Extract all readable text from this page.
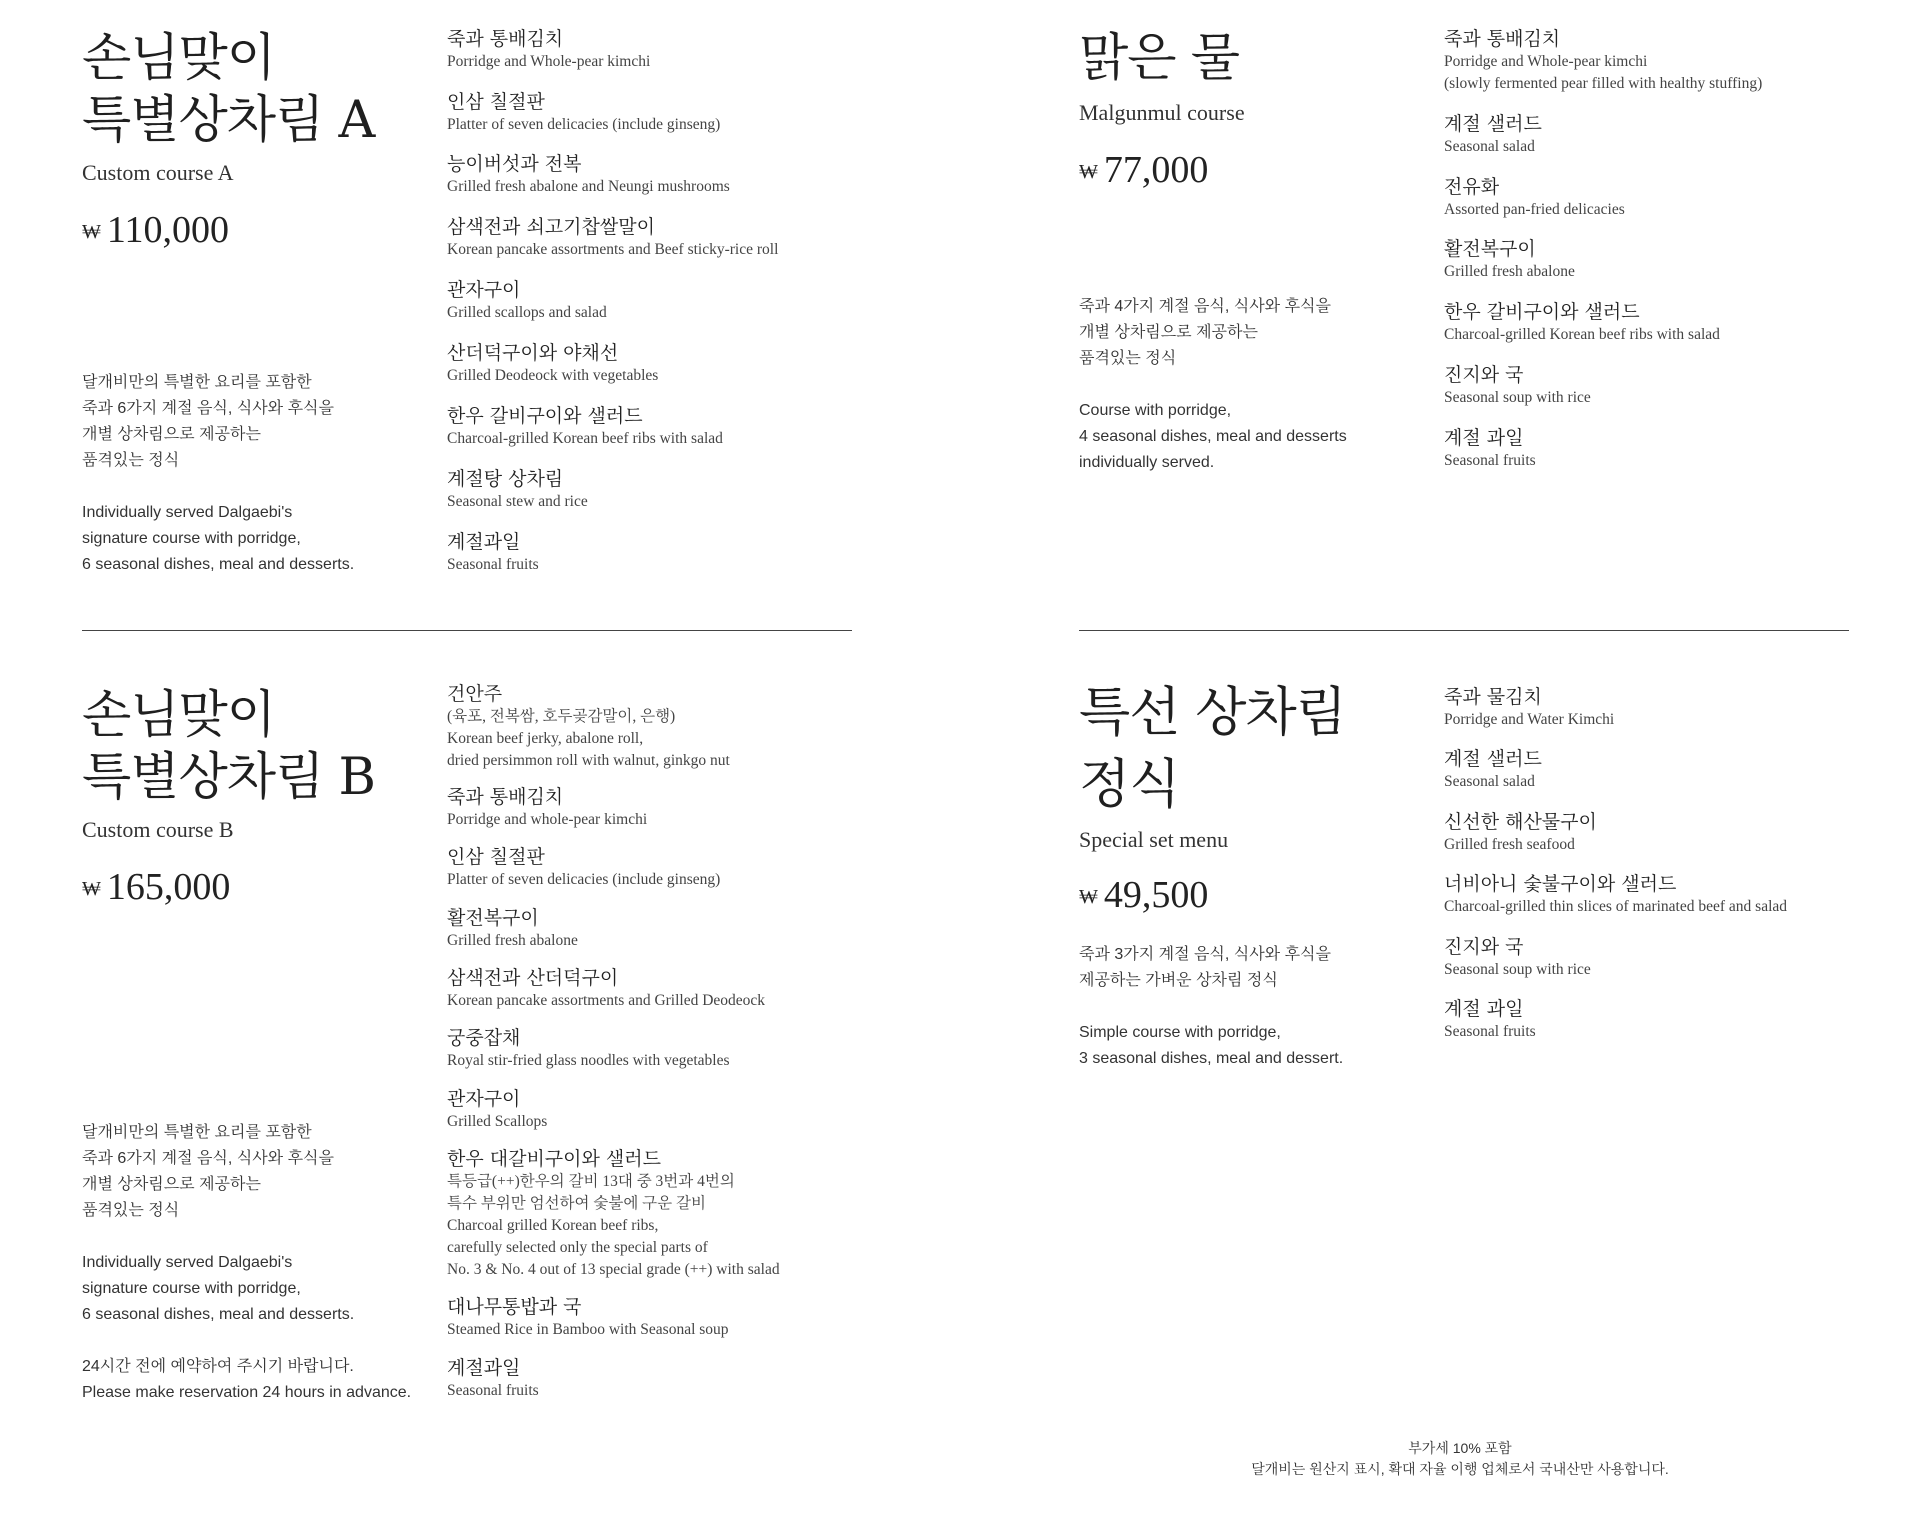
손님맞이
특별상차림 A
Custom course A
₩ 110,000

달개비만의 특별한 요리를 포함한
죽과 6가지 계절 음식, 식사와 후식을
개별 상차림으로 제공하는
품격있는 정식

Individually served Dalgaebi's
signature course with porridge,
6 seasonal dishes, meal and desserts.

죽과 통배김치
Porridge and Whole-pear kimchi
인삼 칠절판
Platter of seven delicacies (include ginseng)
능이버섯과 전복
Grilled fresh abalone and Neungi mushrooms
삼색전과 쇠고기찹쌀말이
Korean pancake assortments and Beef sticky-rice roll
관자구이
Grilled scallops and salad
산더덕구이와 야채선
Grilled Deodeock with vegetables
한우 갈비구이와 샐러드
Charcoal-grilled Korean beef ribs with salad
계절탕 상차림
Seasonal stew and rice
계절과일
Seasonal fruits
맑은 물
Malgunmul course
₩ 77,000

죽과 4가지 계절 음식, 식사와 후식을
개별 상차림으로 제공하는
품격있는 정식

Course with porridge,
4 seasonal dishes, meal and desserts
individually served.

죽과 통배김치
Porridge and Whole-pear kimchi
(slowly fermented pear filled with healthy stuffing)
계절 샐러드
Seasonal salad
전유화
Assorted pan-fried delicacies
활전복구이
Grilled fresh abalone
한우 갈비구이와 샐러드
Charcoal-grilled Korean beef ribs with salad
진지와 국
Seasonal soup with rice
계절 과일
Seasonal fruits
손님맞이
특별상차림 B
Custom course B
₩ 165,000

달개비만의 특별한 요리를 포함한
죽과 6가지 계절 음식, 식사와 후식을
개별 상차림으로 제공하는
품격있는 정식

Individually served Dalgaebi's
signature course with porridge,
6 seasonal dishes, meal and desserts.

24시간 전에 예약하여 주시기 바랍니다.
Please make reservation 24 hours in advance.

건안주
(육포, 전복쌈, 호두곶감말이, 은행)
Korean beef jerky, abalone roll,
dried persimmon roll with walnut, ginkgo nut
죽과 통배김치
Porridge and whole-pear kimchi
인삼 칠절판
Platter of seven delicacies (include ginseng)
활전복구이
Grilled fresh abalone
삼색전과 산더덕구이
Korean pancake assortments and Grilled Deodeock
궁중잡채
Royal stir-fried glass noodles with vegetables
관자구이
Grilled Scallops
한우 대갈비구이와 샐러드
특등급(++)한우의 갈비 13대 중 3번과 4번의
특수 부위만 엄선하여 숯불에 구운 갈비
Charcoal grilled Korean beef ribs,
carefully selected only the special parts of
No. 3 & No. 4 out of 13 special grade (++) with salad
대나무통밥과 국
Steamed Rice in Bamboo with Seasonal soup
계절과일
Seasonal fruits
특선 상차림
정식
Special set menu
₩ 49,500

죽과 3가지 계절 음식, 식사와 후식을
제공하는 가벼운 상차림 정식

Simple course with porridge,
3 seasonal dishes, meal and dessert.

죽과 물김치
Porridge and Water Kimchi
계절 샐러드
Seasonal salad
신선한 해산물구이
Grilled fresh seafood
너비아니 숯불구이와 샐러드
Charcoal-grilled thin slices of marinated beef and salad
진지와 국
Seasonal soup with rice
계절 과일
Seasonal fruits
부가세 10% 포함
달개비는 원산지 표시, 확대 자율 이행 업체로서 국내산만 사용합니다.
